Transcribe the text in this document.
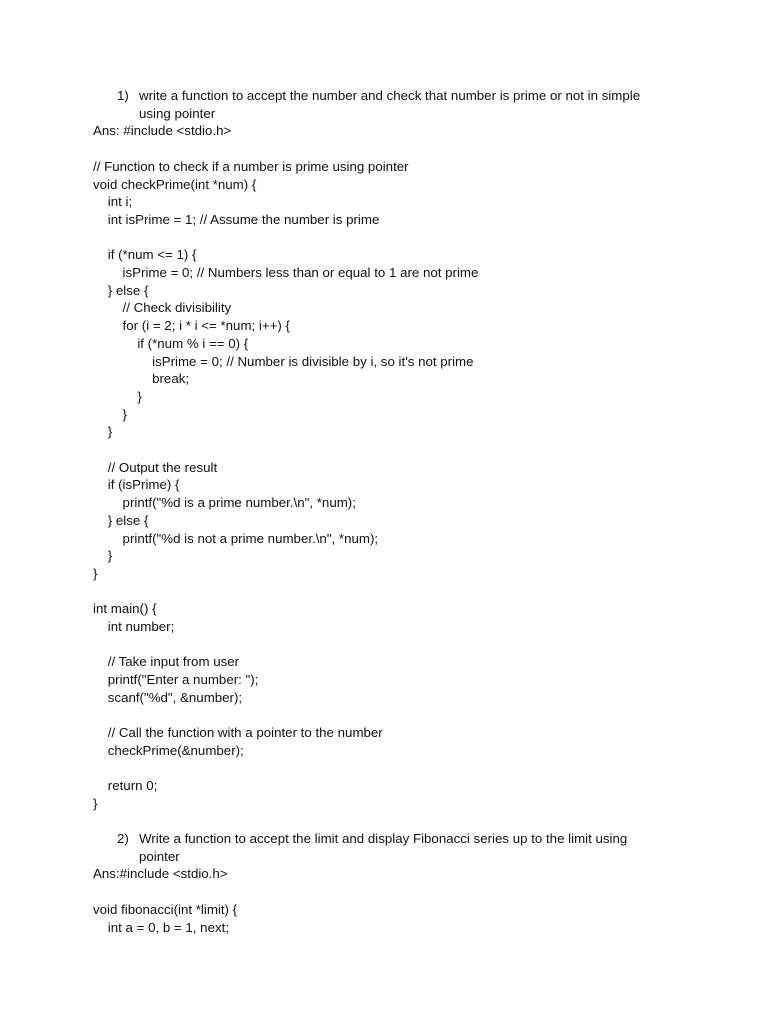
1) write a function to accept the number and check that number is prime or not in simple
using pointer
Ans: #include <stdio.h>
// Function to check if a number is prime using pointer
void checkPrime(int *num) {
int i;
int isPrime = 1; // Assume the number is prime
if (*num <= 1) {
isPrime = 0; // Numbers less than or equal to 1 are not prime
} else {
// Check divisibility
for (i = 2; i * i <= *num; i++) {
if (*num % i == 0) {
isPrime = 0; // Number is divisible by i, so it's not prime
break;
}
}
}
// Output the result
if (isPrime) {
printf("%d is a prime number.\n", *num);
} else {
printf("%d is not a prime number.\n", *num);
}
}
int main() {
int number;
// Take input from user
printf("Enter a number: ");
scanf("%d", &number);
// Call the function with a pointer to the number
checkPrime(&number);
return 0;
}
2) Write a function to accept the limit and display Fibonacci series up to the limit using
pointer
Ans:#include <stdio.h>
void fibonacci(int *limit) {
int a = 0, b = 1, next;
